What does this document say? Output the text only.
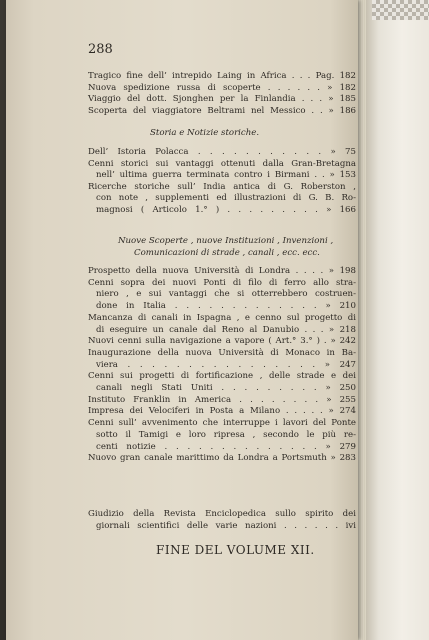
288
Tragico fine dell’ intrepido Laing in Africa . . . Pag. 182
Nuova spedizione russa di scoperte . . . . . . » 182
Viaggio del dott. Sjonghen per la Finlandia . . . » 185
Scoperta del viaggiatore Beltrami nel Messico . . » 186
Storia e Notizie storiche.
Dell’ Istoria Polacca . . . . . . . . . . . » 75
Cenni storici sui vantaggi ottenuti dalla Gran-Bretagna
nell’ ultima guerra terminata contro i Birmani . . » 153
Ricerche storiche sull’ India antica di G. Roberston ,
con note , supplementi ed illustrazioni di G. B. Ro-
magnosi ( Articolo 1.° ) . . . . . . . . . » 166
Nuove Scoperte , nuove Instituzioni , Invenzioni ,
Comunicazioni di strade , canali , ecc. ecc.
Prospetto della nuova Università di Londra . . . . » 198
Cenni sopra dei nuovi Ponti di filo di ferro allo stra-
niero , e sui vantaggi che si otterrebbero costruen-
done in Italia . . . . . . . . . . . . . » 210
Mancanza di canali in Ispagna , e cenno sul progetto di
di eseguire un canale dal Reno al Danubio . . . » 218
Nuovi cenni sulla navigazione a vapore ( Art.° 3.° ) . » 242
Inaugurazione della nuova Università di Monaco in Ba-
viera . . . . . . . . . . . . . . . . » 247
Cenni sui progetti di fortificazione , delle strade e dei
canali negli Stati Uniti . . . . . . . . . » 250
Instituto Franklin in America . . . . . . . . » 255
Impresa dei Velociferi in Posta a Milano . . . . . » 274
Cenni sull’ avvenimento che interruppe i lavori del Ponte
sotto il Tamigi e loro ripresa , secondo le più re-
centi notizie . . . . . . . . . . . . . . » 279
Nuovo gran canale marittimo da Londra a Portsmuth » 283
Giudizio della Revista Enciclopedica sullo spirito dei
giornali scientifici delle varie nazioni . . . . . . ivi
FINE DEL VOLUME XII.
